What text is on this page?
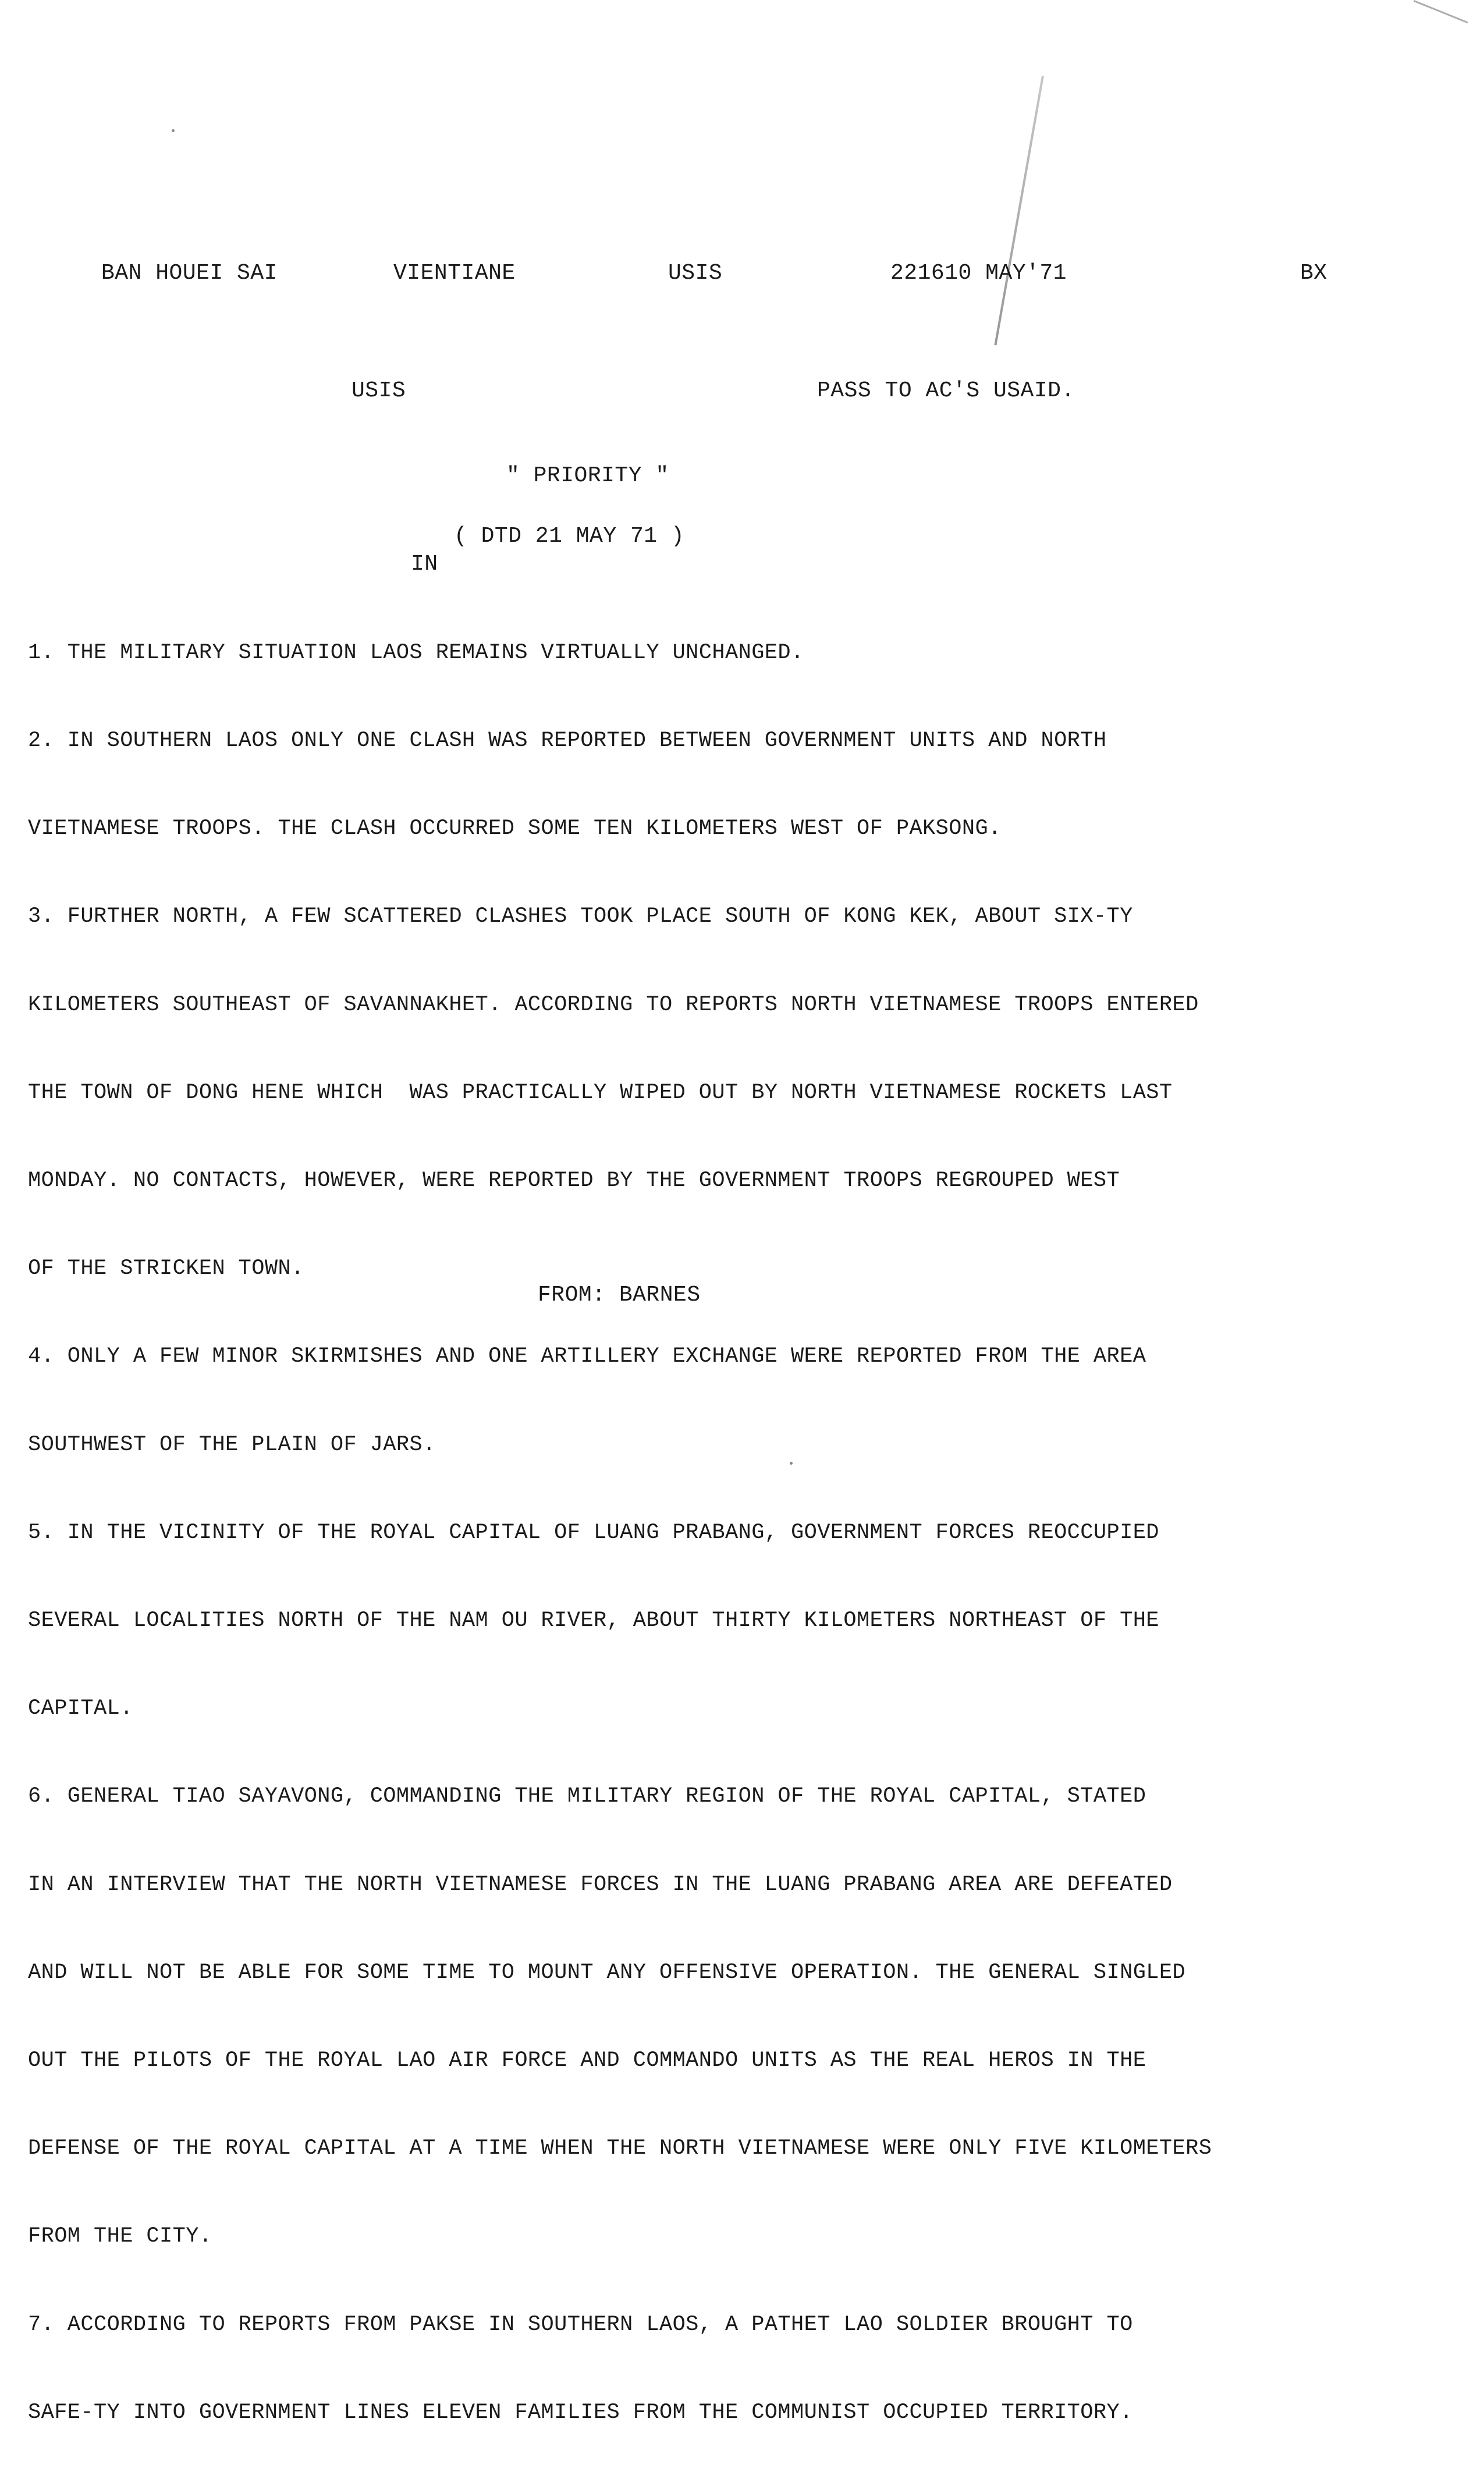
BAN HOUEI SAI	VIENTIANE	USIS	221610 MAY'71	BX
USIS	PASS TO AC'S USAID.
" PRIORITY "
( DTD 21 MAY 71 )
IN

1. THE MILITARY SITUATION LAOS REMAINS VIRTUALLY UNCHANGED.

2. IN SOUTHERN LAOS ONLY ONE CLASH WAS REPORTED BETWEEN GOVERNMENT UNITS AND NORTH

VIETNAMESE TROOPS. THE CLASH OCCURRED SOME TEN KILOMETERS WEST OF PAKSONG.

3. FURTHER NORTH, A FEW SCATTERED CLASHES TOOK PLACE SOUTH OF KONG KEK, ABOUT SIX-TY

KILOMETERS SOUTHEAST OF SAVANNAKHET. ACCORDING TO REPORTS NORTH VIETNAMESE TROOPS ENTERED

THE TOWN OF DONG HENE WHICH  WAS PRACTICALLY WIPED OUT BY NORTH VIETNAMESE ROCKETS LAST

MONDAY. NO CONTACTS, HOWEVER, WERE REPORTED BY THE GOVERNMENT TROOPS REGROUPED WEST

OF THE STRICKEN TOWN.

4. ONLY A FEW MINOR SKIRMISHES AND ONE ARTILLERY EXCHANGE WERE REPORTED FROM THE AREA

SOUTHWEST OF THE PLAIN OF JARS.

5. IN THE VICINITY OF THE ROYAL CAPITAL OF LUANG PRABANG, GOVERNMENT FORCES REOCCUPIED

SEVERAL LOCALITIES NORTH OF THE NAM OU RIVER, ABOUT THIRTY KILOMETERS NORTHEAST OF THE

CAPITAL.

6. GENERAL TIAO SAYAVONG, COMMANDING THE MILITARY REGION OF THE ROYAL CAPITAL, STATED

IN AN INTERVIEW THAT THE NORTH VIETNAMESE FORCES IN THE LUANG PRABANG AREA ARE DEFEATED

AND WILL NOT BE ABLE FOR SOME TIME TO MOUNT ANY OFFENSIVE OPERATION. THE GENERAL SINGLED

OUT THE PILOTS OF THE ROYAL LAO AIR FORCE AND COMMANDO UNITS AS THE REAL HEROS IN THE

DEFENSE OF THE ROYAL CAPITAL AT A TIME WHEN THE NORTH VIETNAMESE WERE ONLY FIVE KILOMETERS

FROM THE CITY.

7. ACCORDING TO REPORTS FROM PAKSE IN SOUTHERN LAOS, A PATHET LAO SOLDIER BROUGHT TO

SAFE-TY INTO GOVERNMENT LINES ELEVEN FAMILIES FROM THE COMMUNIST OCCUPIED TERRITORY.

FROM: BARNES
